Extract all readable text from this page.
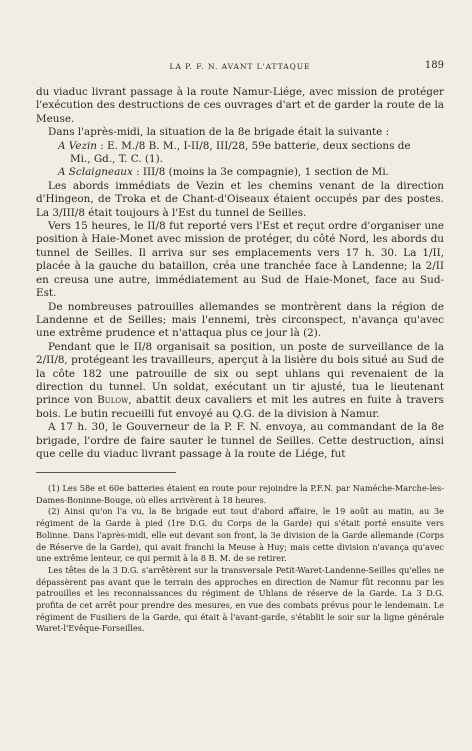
LA P. F. N. AVANT L'ATTAQUE	189

du viaduc livrant passage à la route Namur-Liége, avec mission de protéger l'exécution des destructions de ces ouvrages d'art et de garder la route de la Meuse.

Dans l'après-midi, la situation de la 8e brigade était la suivante :

A Vezin : E. M./8 B. M., I-II/8, III/28, 59e batterie, deux sections de
Mi., Gd., T. C. (1).

A Sclaigneaux : III/8 (moins la 3e compagnie), 1 section de Mi.

Les abords immédiats de Vezin et les chemins venant de la direction d'Hingeon, de Troka et de Chant-d'Oiseaux étaient occupés par des postes. La 3/III/8 était toujours à l'Est du tunnel de Seilles.

Vers 15 heures, le II/8 fut reporté vers l'Est et reçut ordre d'organiser une position à Haie-Monet avec mission de protéger, du côté Nord, les abords du tunnel de Seilles. Il arriva sur ses emplacements vers 17 h. 30. La 1/II, placée à la gauche du bataillon, créa une tranchée face à Landenne; la 2/II en creusa une autre, immédiatement au Sud de Haie-Monet, face au Sud-Est.

De nombreuses patrouilles allemandes se montrèrent dans la région de Landenne et de Seilles; mais l'ennemi, très circonspect, n'avança qu'avec une extrême prudence et n'attaqua plus ce jour là (2).

Pendant que le II/8 organisait sa position, un poste de surveillance de la 2/II/8, protégeant les travailleurs, aperçut à la lisière du bois situé au Sud de la côte 182 une patrouille de six ou sept uhlans qui revenaient de la direction du tunnel. Un soldat, exécutant un tir ajusté, tua le lieutenant prince von Bulow, abattit deux cavaliers et mit les autres en fuite à travers bois. Le butin recueilli fut envoyé au Q.G. de la division à Namur.

A 17 h. 30, le Gouverneur de la P. F. N. envoya, au commandant de la 8e brigade, l'ordre de faire sauter le tunnel de Seilles. Cette destruction, ainsi que celle du viaduc livrant passage à la route de Liége, fut

(1) Les 58e et 60e batteries étaient en route pour rejoindre la P.F.N. par Naméche-Marche-les-Dames-Boninne-Bouge, où elles arrivèrent à 18 heures.

(2) Ainsi qu'on l'a vu, la 8e brigade eut tout d'abord affaire, le 19 août au matin, au 3e régiment de la Garde à pied (1re D.G. du Corps de la Garde) qui s'était porté ensuite vers Bolinne. Dans l'après-midi, elle eut devant son front, la 3e division de la Garde allemande (Corps de Réserve de la Garde), qui avait franchi la Meuse à Huy; mais cette division n'avança qu'avec une extrême lenteur, ce qui permit à la 8 B. M. de se retirer.

Les têtes de la 3 D.G. s'arrêtèrent sur la transversale Petit-Waret-Landenne-Seilles qu'elles ne dépassèrent pas avant que le terrain des approches en direction de Namur fût reconnu par les patrouilles et les reconnaissances du régiment de Uhlans de réserve de la Garde. La 3 D.G. profita de cet arrêt pour prendre des mesures, en vue des combats prévus pour le lendemain. Le régiment de Fusiliers de la Garde, qui était à l'avant-garde, s'établit le soir sur la ligne générale Waret-l'Evêque-Forseilles.
